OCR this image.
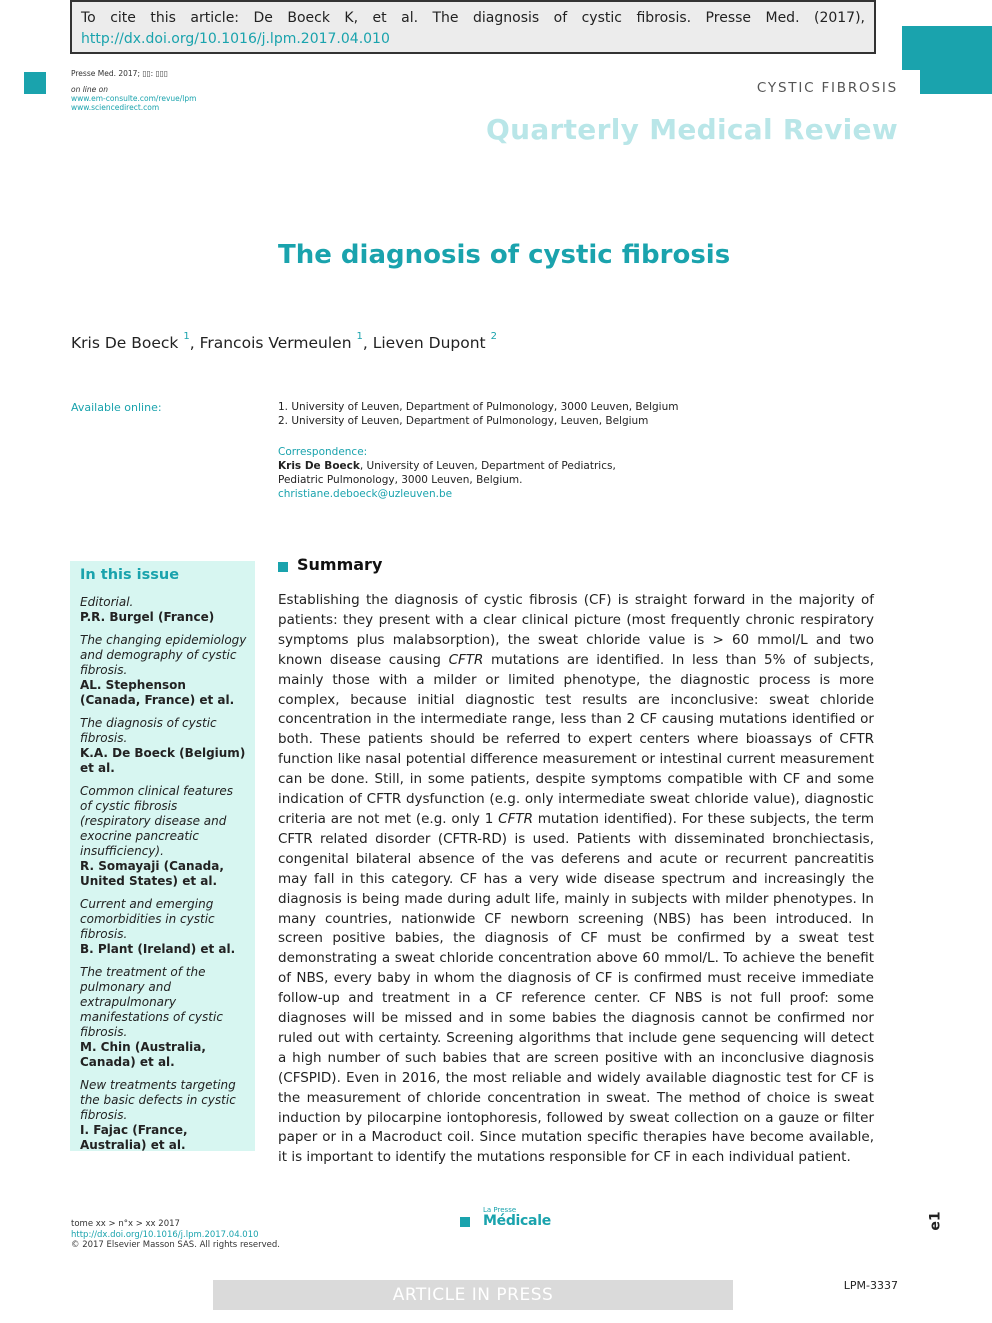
To cite this article: De Boeck K, et al. The diagnosis of cystic fibrosis. Presse Med. (2017), http://dx.doi.org/10.1016/j.lpm.2017.04.010
Presse Med. 2017; ▯▯: ▯▯▯
on line on
www.em-consulte.com/revue/lpm
www.sciencedirect.com
CYSTIC FIBROSIS
Quarterly Medical Review
The diagnosis of cystic fibrosis
Kris De Boeck $^1$, Francois Vermeulen $^1$, Lieven Dupont $^2$
Available online:	1. University of Leuven, Department of Pulmonology, 3000 Leuven, Belgium
2. University of Leuven, Department of Pulmonology, Leuven, Belgium
Correspondence:
Kris De Boeck, University of Leuven, Department of Pediatrics, Pediatric Pulmonology, 3000 Leuven, Belgium.
christiane.deboeck@uzleuven.be
In this issue
Editorial.
P.R. Burgel (France)
The changing epidemiology and demography of cystic fibrosis.
AL. Stephenson (Canada, France) et al.
The diagnosis of cystic fibrosis.
K.A. De Boeck (Belgium) et al.
Common clinical features of cystic fibrosis (respiratory disease and exocrine pancreatic insufficiency).
R. Somayaji (Canada, United States) et al.
Current and emerging comorbidities in cystic fibrosis.
B. Plant (Ireland) et al.
The treatment of the pulmonary and extrapulmonary manifestations of cystic fibrosis.
M. Chin (Australia, Canada) et al.
New treatments targeting the basic defects in cystic fibrosis.
I. Fajac (France, Australia) et al.
Summary
Establishing the diagnosis of cystic fibrosis (CF) is straight forward in the majority of patients: they present with a clear clinical picture (most frequently chronic respiratory symptoms plus malabsorption), the sweat chloride value is > 60 mmol/L and two known disease causing CFTR mutations are identified. In less than 5% of subjects, mainly those with a milder or limited phenotype, the diagnostic process is more complex, because initial diagnostic test results are inconclusive: sweat chloride concentration in the intermediate range, less than 2 CF causing mutations identified or both. These patients should be referred to expert centers where bioassays of CFTR function like nasal potential difference measurement or intestinal current measurement can be done. Still, in some patients, despite symptoms compatible with CF and some indication of CFTR dysfunction (e.g. only intermediate sweat chloride value), diagnostic criteria are not met (e.g. only 1 CFTR mutation identified). For these subjects, the term CFTR related disorder (CFTR-RD) is used. Patients with disseminated bronchiectasis, congenital bilateral absence of the vas deferens and acute or recurrent pancreatitis may fall in this category. CF has a very wide disease spectrum and increasingly the diagnosis is being made during adult life, mainly in subjects with milder phenotypes. In many countries, nationwide CF newborn screening (NBS) has been introduced. In screen positive babies, the diagnosis of CF must be confirmed by a sweat test demonstrating a sweat chloride concentration above 60 mmol/L. To achieve the benefit of NBS, every baby in whom the diagnosis of CF is confirmed must receive immediate follow-up and treatment in a CF reference center. CF NBS is not full proof: some diagnoses will be missed and in some babies the diagnosis cannot be confirmed nor ruled out with certainty. Screening algorithms that include gene sequencing will detect a high number of such babies that are screen positive with an inconclusive diagnosis (CFSPID). Even in 2016, the most reliable and widely available diagnostic test for CF is the measurement of chloride concentration in sweat. The method of choice is sweat induction by pilocarpine iontophoresis, followed by sweat collection on a gauze or filter paper or in a Macroduct coil. Since mutation specific therapies have become available, it is important to identify the mutations responsible for CF in each individual patient.
tome xx > n°x > xx 2017
http://dx.doi.org/10.1016/j.lpm.2017.04.010
© 2017 Elsevier Masson SAS. All rights reserved.
La Presse
Médicale	e1
ARTICLE IN PRESS	LPM-3337
